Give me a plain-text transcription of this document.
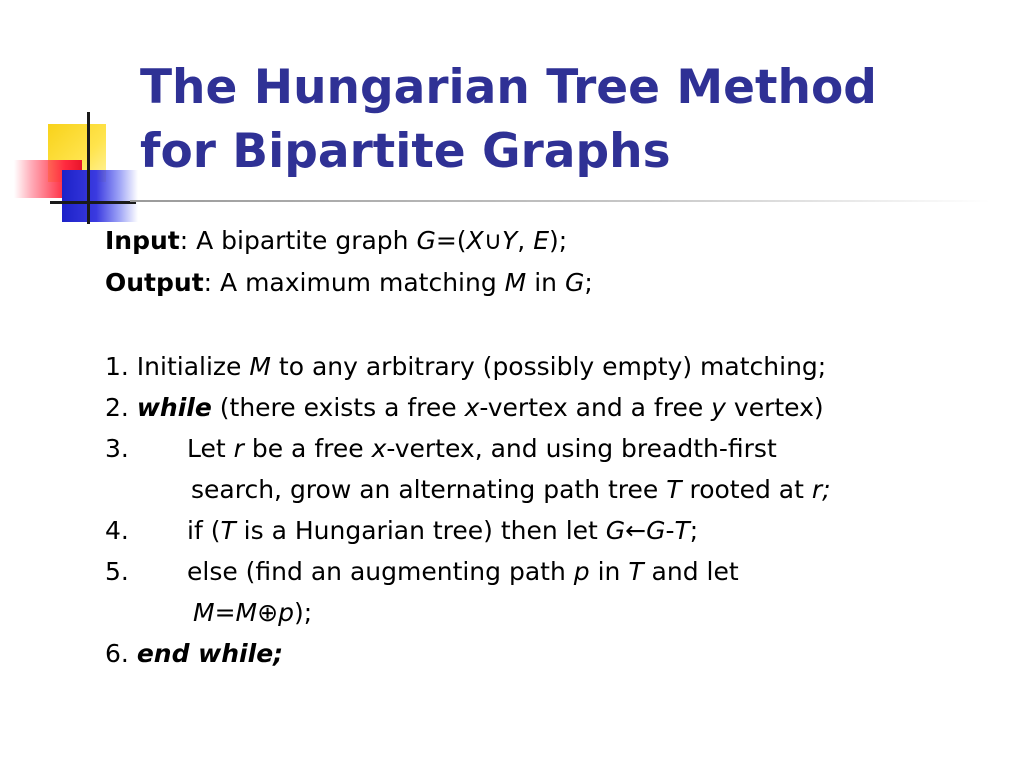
The Hungarian Tree Method
for Bipartite Graphs
Input: A bipartite graph G=(X∪Y, E);
Output: A maximum matching M in G;
1. Initialize M to any arbitrary (possibly empty) matching;
2. while (there exists a free x-vertex and a free y vertex)
3. Let r be a free x-vertex, and using breadth-first
search, grow an alternating path tree T rooted at r;
4. if (T is a Hungarian tree) then let G←G-T;
5. else (find an augmenting path p in T and let
M=M⊕p);
6. end while;
